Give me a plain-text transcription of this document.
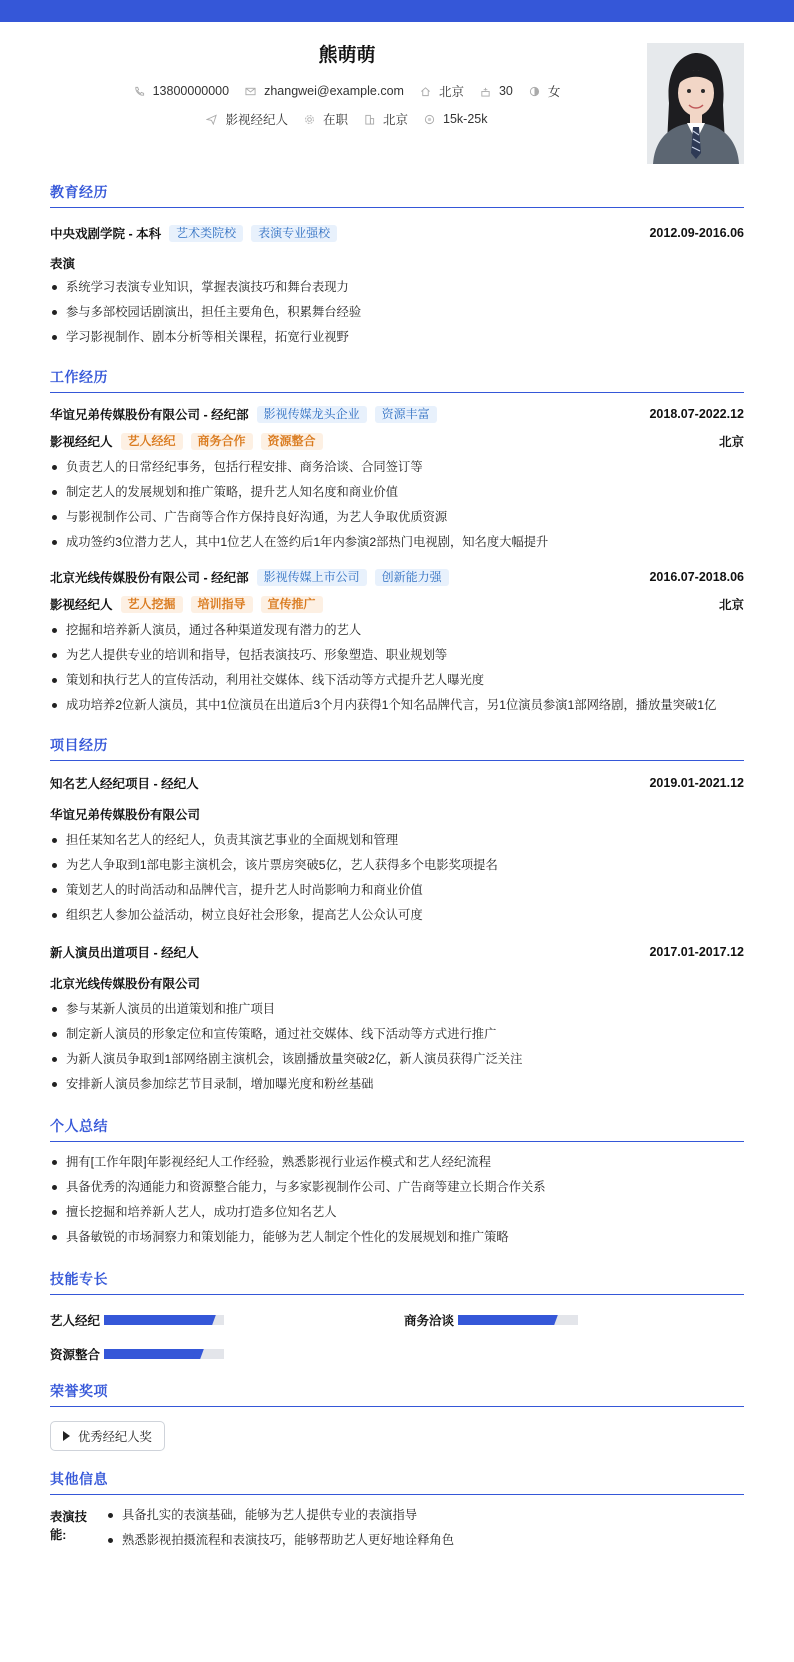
熊萌萌
13800000000	zhangwei@example.com	北京	30	女
影视经纪人	在职	北京	15k-25k
教育经历
中央戏剧学院 - 本科	艺术类院校	表演专业强校	2012.09-2016.06
表演
系统学习表演专业知识，掌握表演技巧和舞台表现力
参与多部校园话剧演出，担任主要角色，积累舞台经验
学习影视制作、剧本分析等相关课程，拓宽行业视野
工作经历
华谊兄弟传媒股份有限公司 - 经纪部	影视传媒龙头企业	资源丰富	2018.07-2022.12
影视经纪人	艺人经纪	商务合作	资源整合	北京
负责艺人的日常经纪事务，包括行程安排、商务洽谈、合同签订等
制定艺人的发展规划和推广策略，提升艺人知名度和商业价值
与影视制作公司、广告商等合作方保持良好沟通，为艺人争取优质资源
成功签约3位潜力艺人，其中1位艺人在签约后1年内参演2部热门电视剧，知名度大幅提升
北京光线传媒股份有限公司 - 经纪部	影视传媒上市公司	创新能力强	2016.07-2018.06
影视经纪人	艺人挖掘	培训指导	宣传推广	北京
挖掘和培养新人演员，通过各种渠道发现有潜力的艺人
为艺人提供专业的培训和指导，包括表演技巧、形象塑造、职业规划等
策划和执行艺人的宣传活动，利用社交媒体、线下活动等方式提升艺人曝光度
成功培养2位新人演员，其中1位演员在出道后3个月内获得1个知名品牌代言，另1位演员参演1部网络剧，播放量突破1亿
项目经历
知名艺人经纪项目 - 经纪人	2019.01-2021.12
华谊兄弟传媒股份有限公司
担任某知名艺人的经纪人，负责其演艺事业的全面规划和管理
为艺人争取到1部电影主演机会，该片票房突破5亿，艺人获得多个电影奖项提名
策划艺人的时尚活动和品牌代言，提升艺人时尚影响力和商业价值
组织艺人参加公益活动，树立良好社会形象，提高艺人公众认可度
新人演员出道项目 - 经纪人	2017.01-2017.12
北京光线传媒股份有限公司
参与某新人演员的出道策划和推广项目
制定新人演员的形象定位和宣传策略，通过社交媒体、线下活动等方式进行推广
为新人演员争取到1部网络剧主演机会，该剧播放量突破2亿，新人演员获得广泛关注
安排新人演员参加综艺节目录制，增加曝光度和粉丝基础
个人总结
拥有[工作年限]年影视经纪人工作经验，熟悉影视行业运作模式和艺人经纪流程
具备优秀的沟通能力和资源整合能力，与多家影视制作公司、广告商等建立长期合作关系
擅长挖掘和培养新人艺人，成功打造多位知名艺人
具备敏锐的市场洞察力和策划能力，能够为艺人制定个性化的发展规划和推广策略
技能专长
艺人经纪	商务洽谈
资源整合
荣誉奖项
优秀经纪人奖
其他信息
表演技能:
具备扎实的表演基础，能够为艺人提供专业的表演指导
熟悉影视拍摄流程和表演技巧，能够帮助艺人更好地诠释角色
